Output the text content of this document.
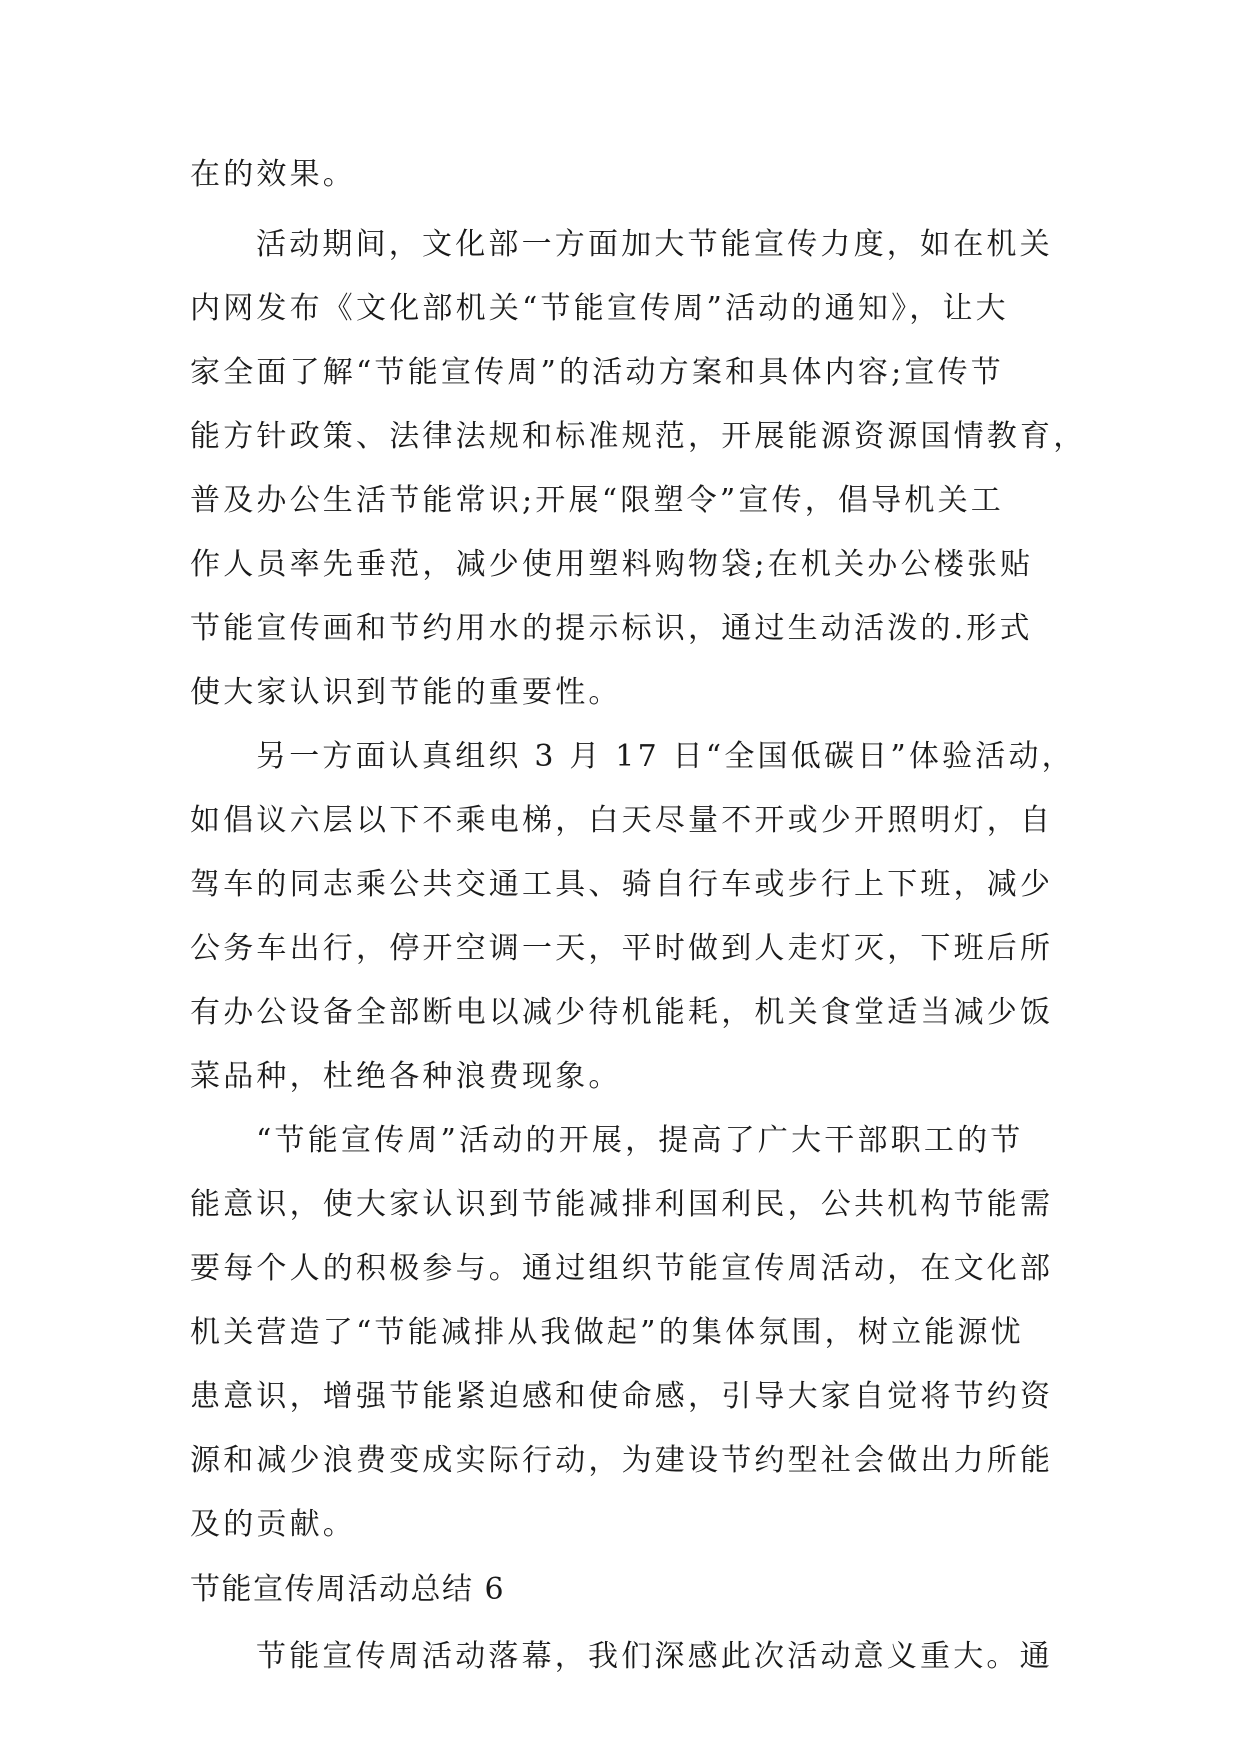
在的效果。
活动期间，文化部一方面加大节能宣传力度，如在机关
内网发布《文化部机关“节能宣传周”活动的通知》，让大
家全面了解“节能宣传周”的活动方案和具体内容;宣传节
能方针政策、法律法规和标准规范，开展能源资源国情教育，
普及办公生活节能常识;开展“限塑令”宣传，倡导机关工
作人员率先垂范，减少使用塑料购物袋;在机关办公楼张贴
节能宣传画和节约用水的提示标识，通过生动活泼的.形式
使大家认识到节能的重要性。
另一方面认真组织 3 月 17 日“全国低碳日”体验活动，
如倡议六层以下不乘电梯，白天尽量不开或少开照明灯，自
驾车的同志乘公共交通工具、骑自行车或步行上下班，减少
公务车出行，停开空调一天，平时做到人走灯灭，下班后所
有办公设备全部断电以减少待机能耗，机关食堂适当减少饭
菜品种，杜绝各种浪费现象。
“节能宣传周”活动的开展，提高了广大干部职工的节
能意识，使大家认识到节能减排利国利民，公共机构节能需
要每个人的积极参与。通过组织节能宣传周活动，在文化部
机关营造了“节能减排从我做起”的集体氛围，树立能源忧
患意识，增强节能紧迫感和使命感，引导大家自觉将节约资
源和减少浪费变成实际行动，为建设节约型社会做出力所能
及的贡献。
节能宣传周活动总结 6
节能宣传周活动落幕，我们深感此次活动意义重大。通
